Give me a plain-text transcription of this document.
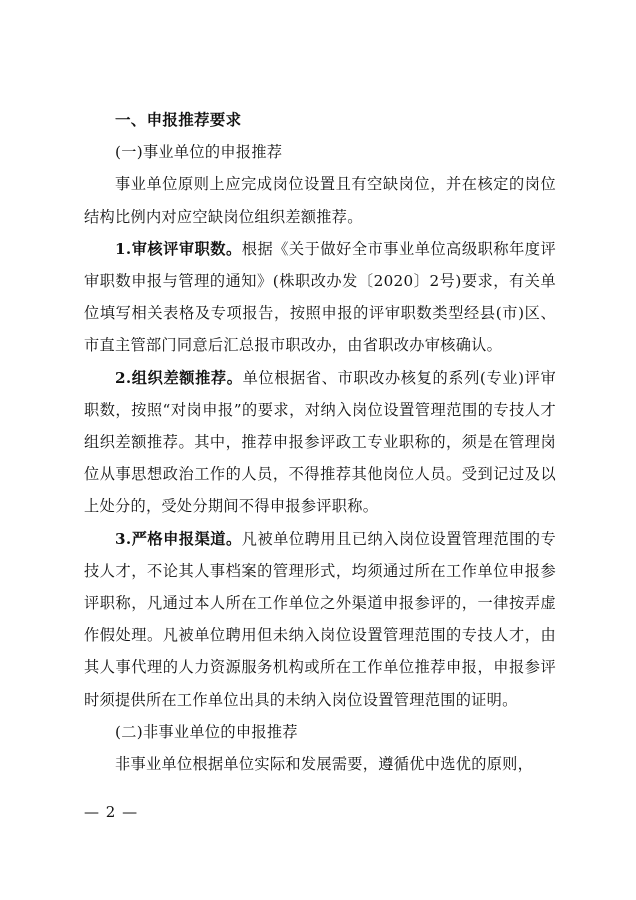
一、申报推荐要求

(一)事业单位的申报推荐

事业单位原则上应完成岗位设置且有空缺岗位，并在核定的岗位结构比例内对应空缺岗位组织差额推荐。

1.审核评审职数。根据《关于做好全市事业单位高级职称年度评审职数申报与管理的通知》(株职改办发〔2020〕2号)要求，有关单位填写相关表格及专项报告，按照申报的评审职数类型经县(市)区、市直主管部门同意后汇总报市职改办，由省职改办审核确认。

2.组织差额推荐。单位根据省、市职改办核复的系列(专业)评审职数，按照“对岗申报”的要求，对纳入岗位设置管理范围的专技人才组织差额推荐。其中，推荐申报参评政工专业职称的，须是在管理岗位从事思想政治工作的人员，不得推荐其他岗位人员。受到记过及以上处分的，受处分期间不得申报参评职称。

3.严格申报渠道。凡被单位聘用且已纳入岗位设置管理范围的专技人才，不论其人事档案的管理形式，均须通过所在工作单位申报参评职称，凡通过本人所在工作单位之外渠道申报参评的，一律按弄虚作假处理。凡被单位聘用但未纳入岗位设置管理范围的专技人才，由其人事代理的人力资源服务机构或所在工作单位推荐申报，申报参评时须提供所在工作单位出具的未纳入岗位设置管理范围的证明。

(二)非事业单位的申报推荐

非事业单位根据单位实际和发展需要，遵循优中选优的原则，

— 2 —
